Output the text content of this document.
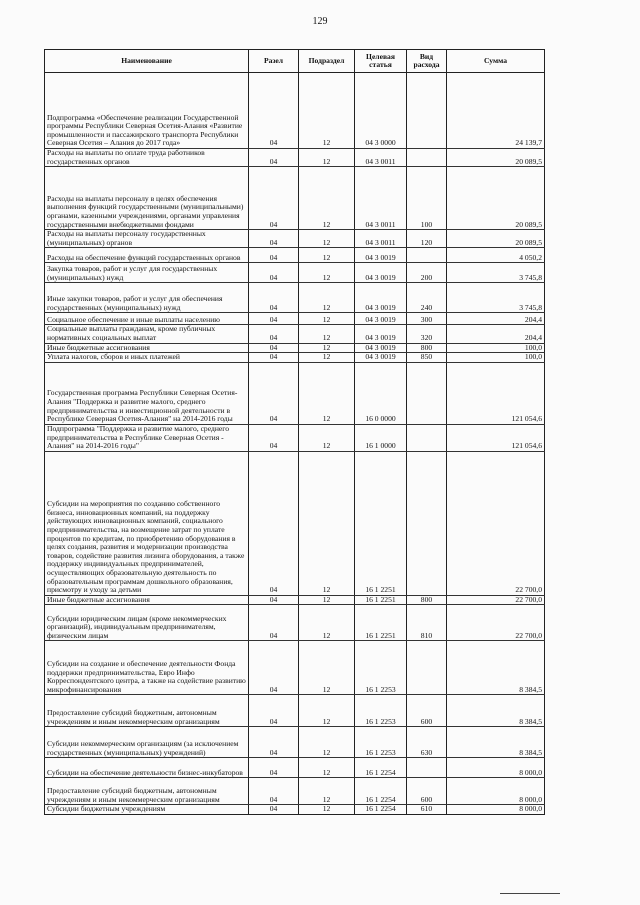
129
Наименование	Разел	Подраздел	Целевая статья	Вид расхода	Сумма
Подпрограмма «Обеспечение реализации Государственной программы Республики Северная Осетия-Алания «Развитие промышленности и пассажирского транспорта Республики Северная Осетия – Алания до 2017 года»	04	12	04 3 0000		24 139,7
Расходы на выплаты по оплате труда работников государственных органов	04	12	04 3 0011		20 089,5
Расходы на выплаты персоналу в целях обеспечения выполнения функций государственными (муниципальными) органами, казенными учреждениями, органами управления государственными внебюджетными фондами	04	12	04 3 0011	100	20 089,5
Расходы на выплаты персоналу государственных (муниципальных) органов	04	12	04 3 0011	120	20 089,5
Расходы на обеспечение функций государственных органов	04	12	04 3 0019		4 050,2
Закупка товаров, работ и услуг для государственных (муниципальных) нужд	04	12	04 3 0019	200	3 745,8
Иные закупки товаров, работ и услуг для обеспечения государственных (муниципальных) нужд	04	12	04 3 0019	240	3 745,8
Социальное обеспечение и иные выплаты населению	04	12	04 3 0019	300	204,4
Социальные выплаты гражданам, кроме публичных нормативных социальных выплат	04	12	04 3 0019	320	204,4
Иные бюджетные ассигнования	04	12	04 3 0019	800	100,0
Уплата налогов, сборов и иных платежей	04	12	04 3 0019	850	100,0
Государственная программа Республики Северная Осетия-Алания "Поддержка и развитие малого, среднего предпринимательства и инвестиционной деятельности в Республике Северная Осетия-Алания" на 2014-2016 годы	04	12	16 0 0000		121 054,6
Подпрограмма "Поддержка и развитие малого, среднего предпринимательства в Республике Северная Осетия - Алания" на 2014-2016 годы"	04	12	16 1 0000		121 054,6
Субсидии на мероприятия по созданию собственного бизнеса, инновационных компаний, на поддержку действующих инновационных компаний, социального предпринимательства, на возмещение затрат по уплате процентов по кредитам, по приобретению оборудования в целях создания, развития и модернизации производства товаров, содействие развития лизинга оборудования, а также поддержку индивидуальных предпринимателей, осуществляющих образовательную деятельность по образовательным программам дошкольного образования, присмотру и уходу за детьми	04	12	16 1 2251		22 700,0
Иные бюджетные ассигнования	04	12	16 1 2251	800	22 700,0
Субсидии юридическим лицам (кроме некоммерческих организаций), индивидуальным предпринимателям, физическим лицам	04	12	16 1 2251	810	22 700,0
Субсидии на создание и обеспечение деятельности Фонда поддержки предпринимательства, Евро Инфо Корреспондентского центра, а также на содействие развитию микрофинансирования	04	12	16 1 2253		8 384,5
Предоставление субсидий бюджетным, автономным учреждениям и иным некоммерческим организациям	04	12	16 1 2253	600	8 384,5
Субсидии некоммерческим организациям (за исключением государственных (муниципальных) учреждений)	04	12	16 1 2253	630	8 384,5
Субсидии на обеспечение деятельности бизнес-инкубаторов	04	12	16 1 2254		8 000,0
Предоставление субсидий бюджетным, автономным учреждениям и иным некоммерческим организациям	04	12	16 1 2254	600	8 000,0
Субсидии бюджетным учреждениям	04	12	16 1 2254	610	8 000,0
